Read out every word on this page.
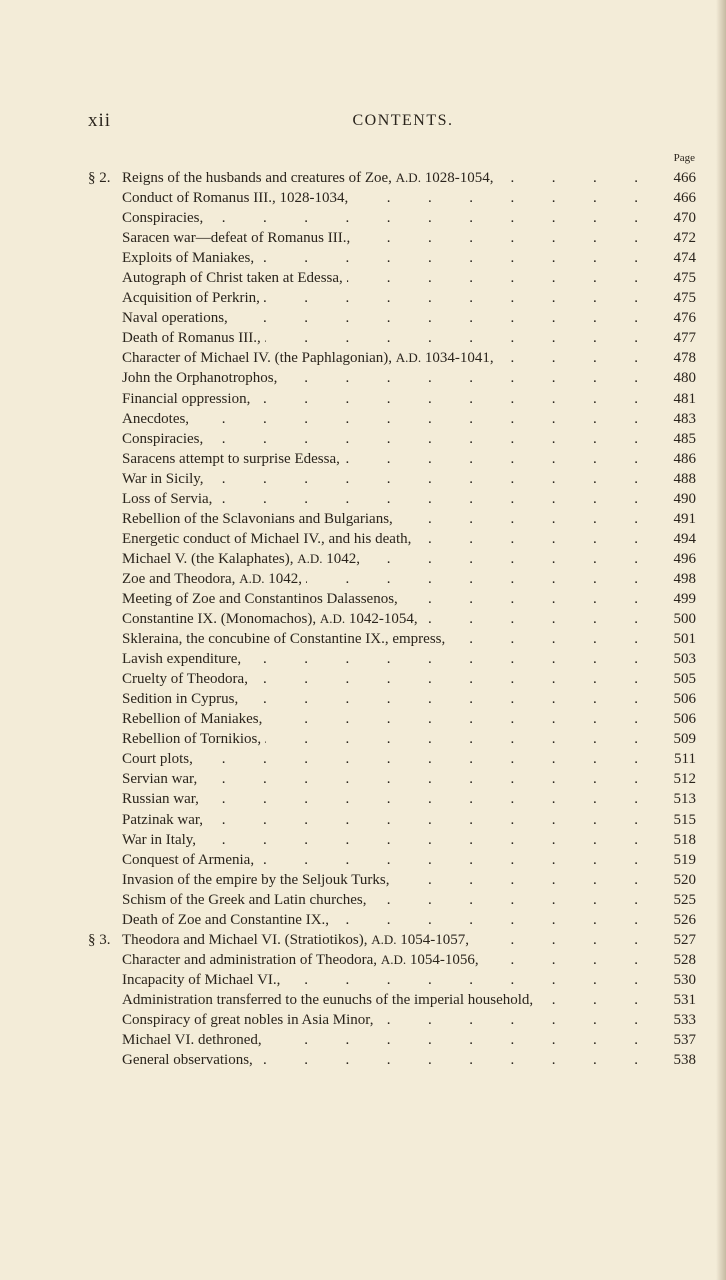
xii	CONTENTS.
Page
§ 2. Reigns of the husbands and creatures of Zoe, A.D. 1028-1054, .	466
Conduct of Romanus III., 1028-1034, .	466
Conspiracies, .	470
Saracen war—defeat of Romanus III., .	472
Exploits of Maniakes, .	474
Autograph of Christ taken at Edessa, .	475
Acquisition of Perkrin, .	475
Naval operations, .	476
Death of Romanus III., .	477
Character of Michael IV. (the Paphlagonian), A.D. 1034-1041, .	478
John the Orphanotrophos, .	480
Financial oppression, .	481
Anecdotes, .	483
Conspiracies, .	485
Saracens attempt to surprise Edessa, .	486
War in Sicily, .	488
Loss of Servia, .	490
Rebellion of the Sclavonians and Bulgarians, .	491
Energetic conduct of Michael IV., and his death, .	494
Michael V. (the Kalaphates), A.D. 1042, .	496
Zoe and Theodora, A.D. 1042, .	498
Meeting of Zoe and Constantinos Dalassenos, .	499
Constantine IX. (Monomachos), A.D. 1042-1054, .	500
Skleraina, the concubine of Constantine IX., empress, .	501
Lavish expenditure, .	503
Cruelty of Theodora, .	505
Sedition in Cyprus, .	506
Rebellion of Maniakes, .	506
Rebellion of Tornikios, .	509
Court plots, .	511
Servian war, .	512
Russian war, .	513
Patzinak war, .	515
War in Italy, .	518
Conquest of Armenia, .	519
Invasion of the empire by the Seljouk Turks, .	520
Schism of the Greek and Latin churches, .	525
Death of Zoe and Constantine IX., .	526
§ 3. Theodora and Michael VI. (Stratiotikos), A.D. 1054-1057, .	527
Character and administration of Theodora, A.D. 1054-1056, .	528
Incapacity of Michael VI., .	530
Administration transferred to the eunuchs of the imperial household, .	531
Conspiracy of great nobles in Asia Minor, .	533
Michael VI. dethroned, .	537
General observations, .	538
